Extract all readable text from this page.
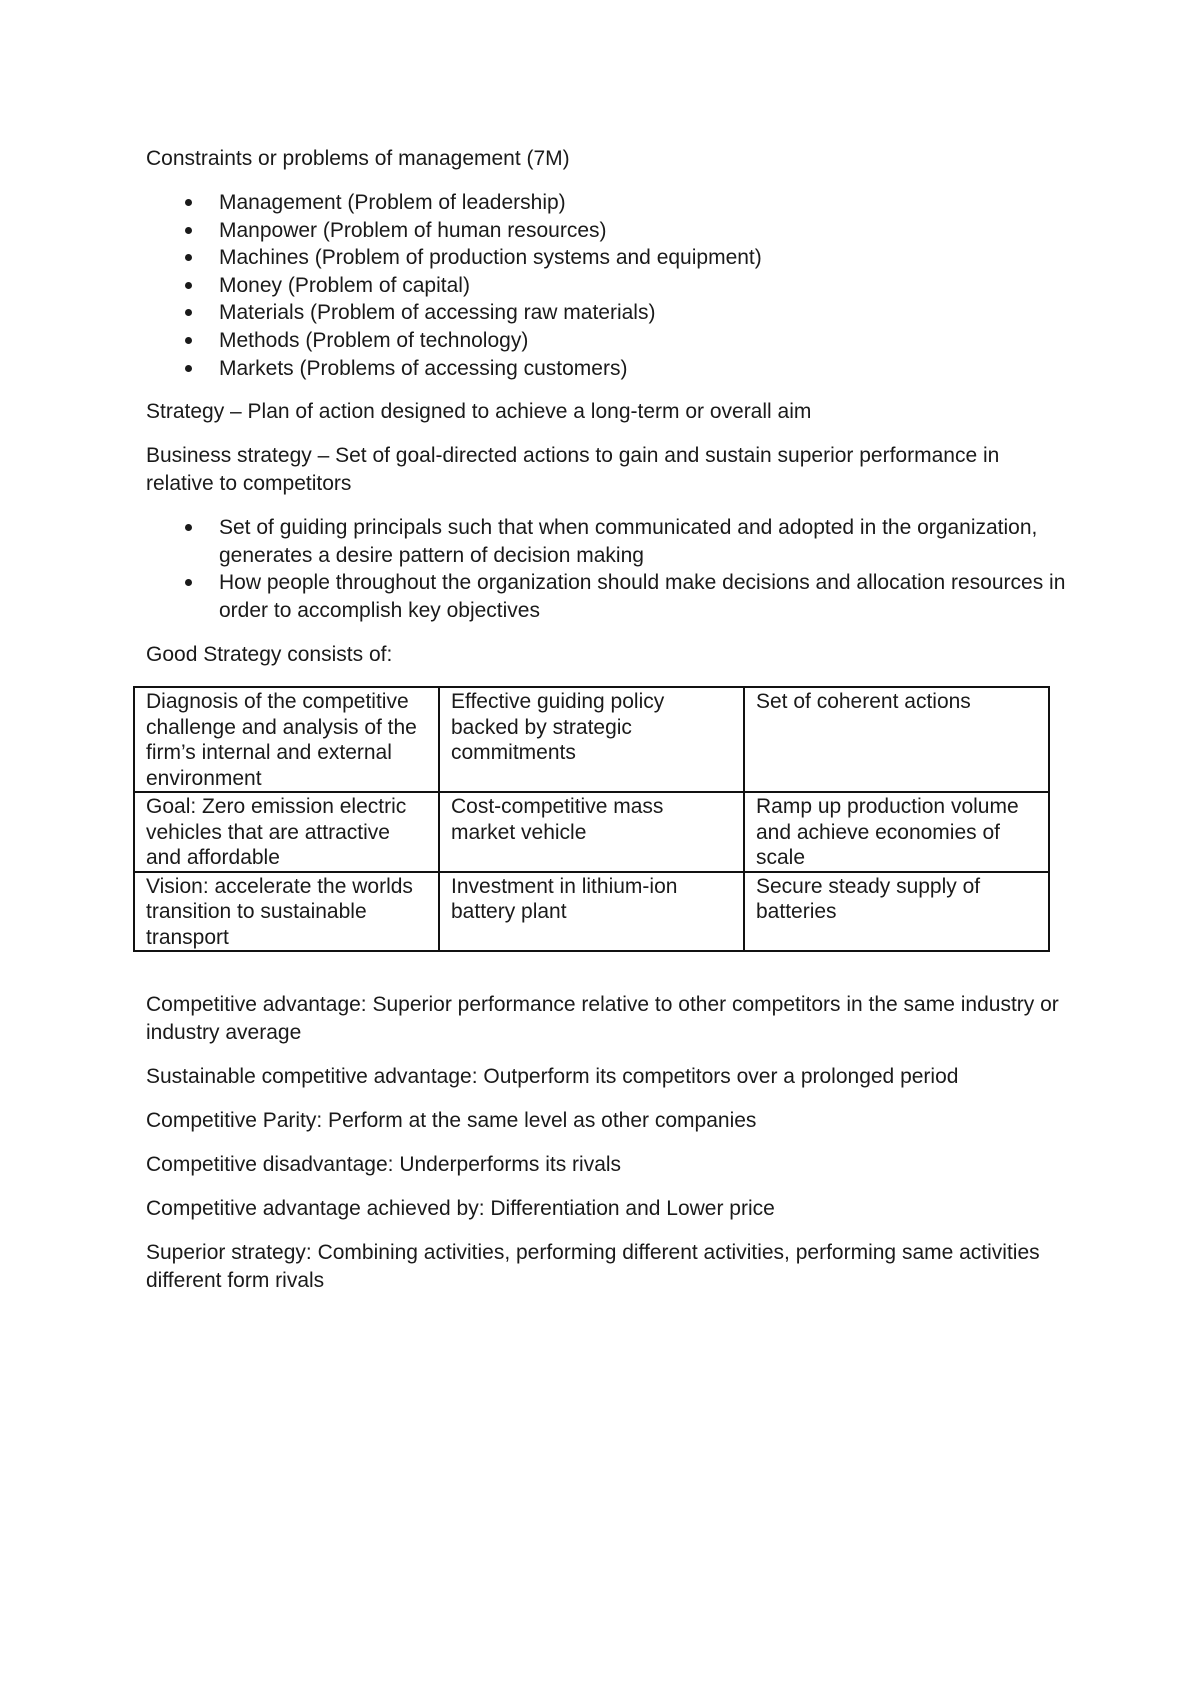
Constraints or problems of management (7M)

Management (Problem of leadership)
Manpower (Problem of human resources)
Machines (Problem of production systems and equipment)
Money (Problem of capital)
Materials (Problem of accessing raw materials)
Methods (Problem of technology)
Markets (Problems of accessing customers)

Strategy – Plan of action designed to achieve a long-term or overall aim

Business strategy – Set of goal-directed actions to gain and sustain superior performance in relative to competitors

Set of guiding principals such that when communicated and adopted in the organization, generates a desire pattern of decision making
How people throughout the organization should make decisions and allocation resources in order to accomplish key objectives

Good Strategy consists of:

Diagnosis of the competitive challenge and analysis of the firm’s internal and external environment	Effective guiding policy backed by strategic commitments	Set of coherent actions
Goal: Zero emission electric vehicles that are attractive and affordable	Cost-competitive mass market vehicle	Ramp up production volume and achieve economies of scale
Vision: accelerate the worlds transition to sustainable transport	Investment in lithium-ion battery plant	Secure steady supply of batteries

Competitive advantage: Superior performance relative to other competitors in the same industry or industry average

Sustainable competitive advantage: Outperform its competitors over a prolonged period

Competitive Parity: Perform at the same level as other companies

Competitive disadvantage: Underperforms its rivals

Competitive advantage achieved by: Differentiation and Lower price

Superior strategy: Combining activities, performing different activities, performing same activities different form rivals
